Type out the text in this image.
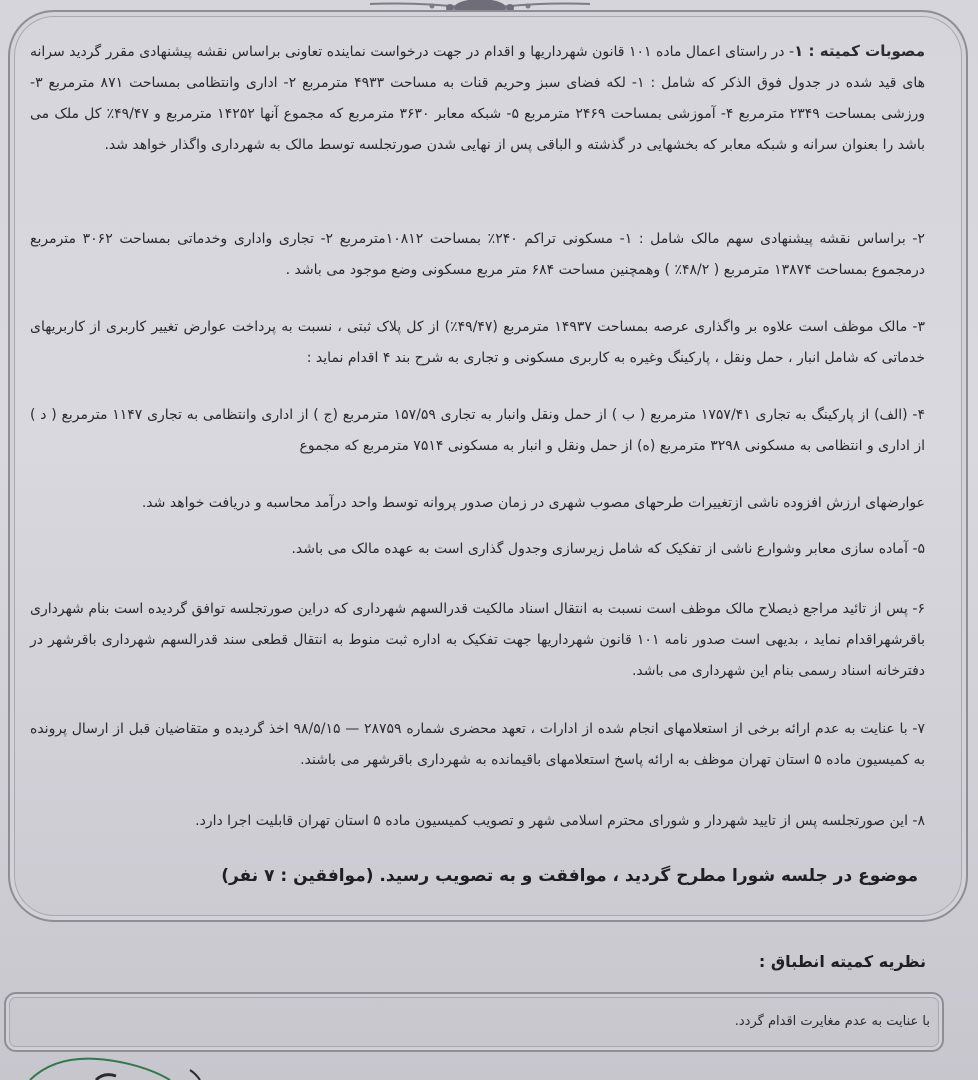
مصوبات کمیته : ۱- در راستای اعمال ماده ۱۰۱ قانون شهرداریها و اقدام در جهت درخواست نماینده تعاونی براساس نقشه پیشنهادی مقرر گردید سرانه های قید شده در جدول فوق الذکر که شامل : ۱- لکه فضای سبز وحریم قنات به مساحت ۴۹۳۳ مترمربع ۲- اداری وانتظامی بمساحت ۸۷۱ مترمربع ۳- ورزشی بمساحت ۲۳۴۹ مترمربع ۴- آموزشی بمساحت ۲۴۶۹ مترمربع ۵- شبکه معابر ۳۶۳۰ مترمربع که مجموع آنها ۱۴۲۵۲ مترمربع و ۴۹/۴۷٪ کل ملک می باشد را بعنوان سرانه و شبکه معابر که بخشهایی در گذشته و الباقی پس از نهایی شدن صورتجلسه توسط مالک به شهرداری واگذار خواهد شد.

۲- براساس نقشه پیشنهادی سهم مالک شامل : ۱- مسکونی تراکم ۲۴۰٪ بمساحت ۱۰۸۱۲مترمربع ۲- تجاری واداری وخدماتی بمساحت ۳۰۶۲ مترمربع درمجموع بمساحت ۱۳۸۷۴ مترمربع ( ۴۸/۲٪ ) وهمچنین مساحت ۶۸۴ متر مربع مسکونی وضع موجود می باشد .

۳- مالک موظف است علاوه بر واگذاری عرصه بمساحت ۱۴۹۳۷ مترمربع (۴۹/۴۷٪) از کل پلاک ثبتی ، نسبت به پرداخت عوارض تغییر کاربری از کاربریهای خدماتی که شامل انبار ، حمل ونقل ، پارکینگ وغیره به کاربری مسکونی و تجاری به شرح بند ۴ اقدام نماید :

۴- (الف) از پارکینگ به تجاری ۱۷۵۷/۴۱ مترمربع ( ب ) از حمل ونقل وانبار به تجاری ۱۵۷/۵۹ مترمربع (ج ) از اداری وانتظامی به تجاری ۱۱۴۷ مترمربع ( د ) از اداری و انتظامی به مسکونی ۳۲۹۸ مترمربع (ه) از حمل ونقل و انبار به مسکونی ۷۵۱۴ مترمربع که مجموع

عوارضهای ارزش افزوده ناشی ازتغییرات طرحهای مصوب شهری در زمان صدور پروانه توسط واحد درآمد محاسبه و دریافت خواهد شد.

۵- آماده سازی معابر وشوارع ناشی از تفکیک که شامل زیرسازی وجدول گذاری است به عهده مالک می باشد.

۶- پس از تائید مراجع ذیصلاح مالک موظف است نسبت به انتقال اسناد مالکیت قدرالسهم شهرداری که دراین صورتجلسه توافق گردیده است بنام شهرداری باقرشهراقدام نماید ، بدیهی است صدور نامه ۱۰۱ قانون شهرداریها جهت تفکیک به اداره ثبت منوط به انتقال قطعی سند قدرالسهم شهرداری باقرشهر در دفترخانه اسناد رسمی بنام این شهرداری می باشد.

۷- با عنایت به عدم ارائه برخی از استعلامهای انجام شده از ادارات ، تعهد محضری شماره ۲۸۷۵۹ — ۹۸/۵/۱۵ اخذ گردیده و متقاضیان قبل از ارسال پرونده به کمیسیون ماده ۵ استان تهران موظف به ارائه پاسخ استعلامهای باقیمانده به شهرداری باقرشهر می باشند.

۸- این صورتجلسه پس از تایید شهردار و شورای محترم اسلامی شهر و تصویب کمیسیون ماده ۵ استان تهران قابلیت اجرا دارد.

موضوع در جلسه شورا مطرح گردید ، موافقت و به تصویب رسید. (موافقین : ۷ نفر)
نظریه کمیته انطباق :
با عنایت به عدم مغایرت اقدام گردد.
